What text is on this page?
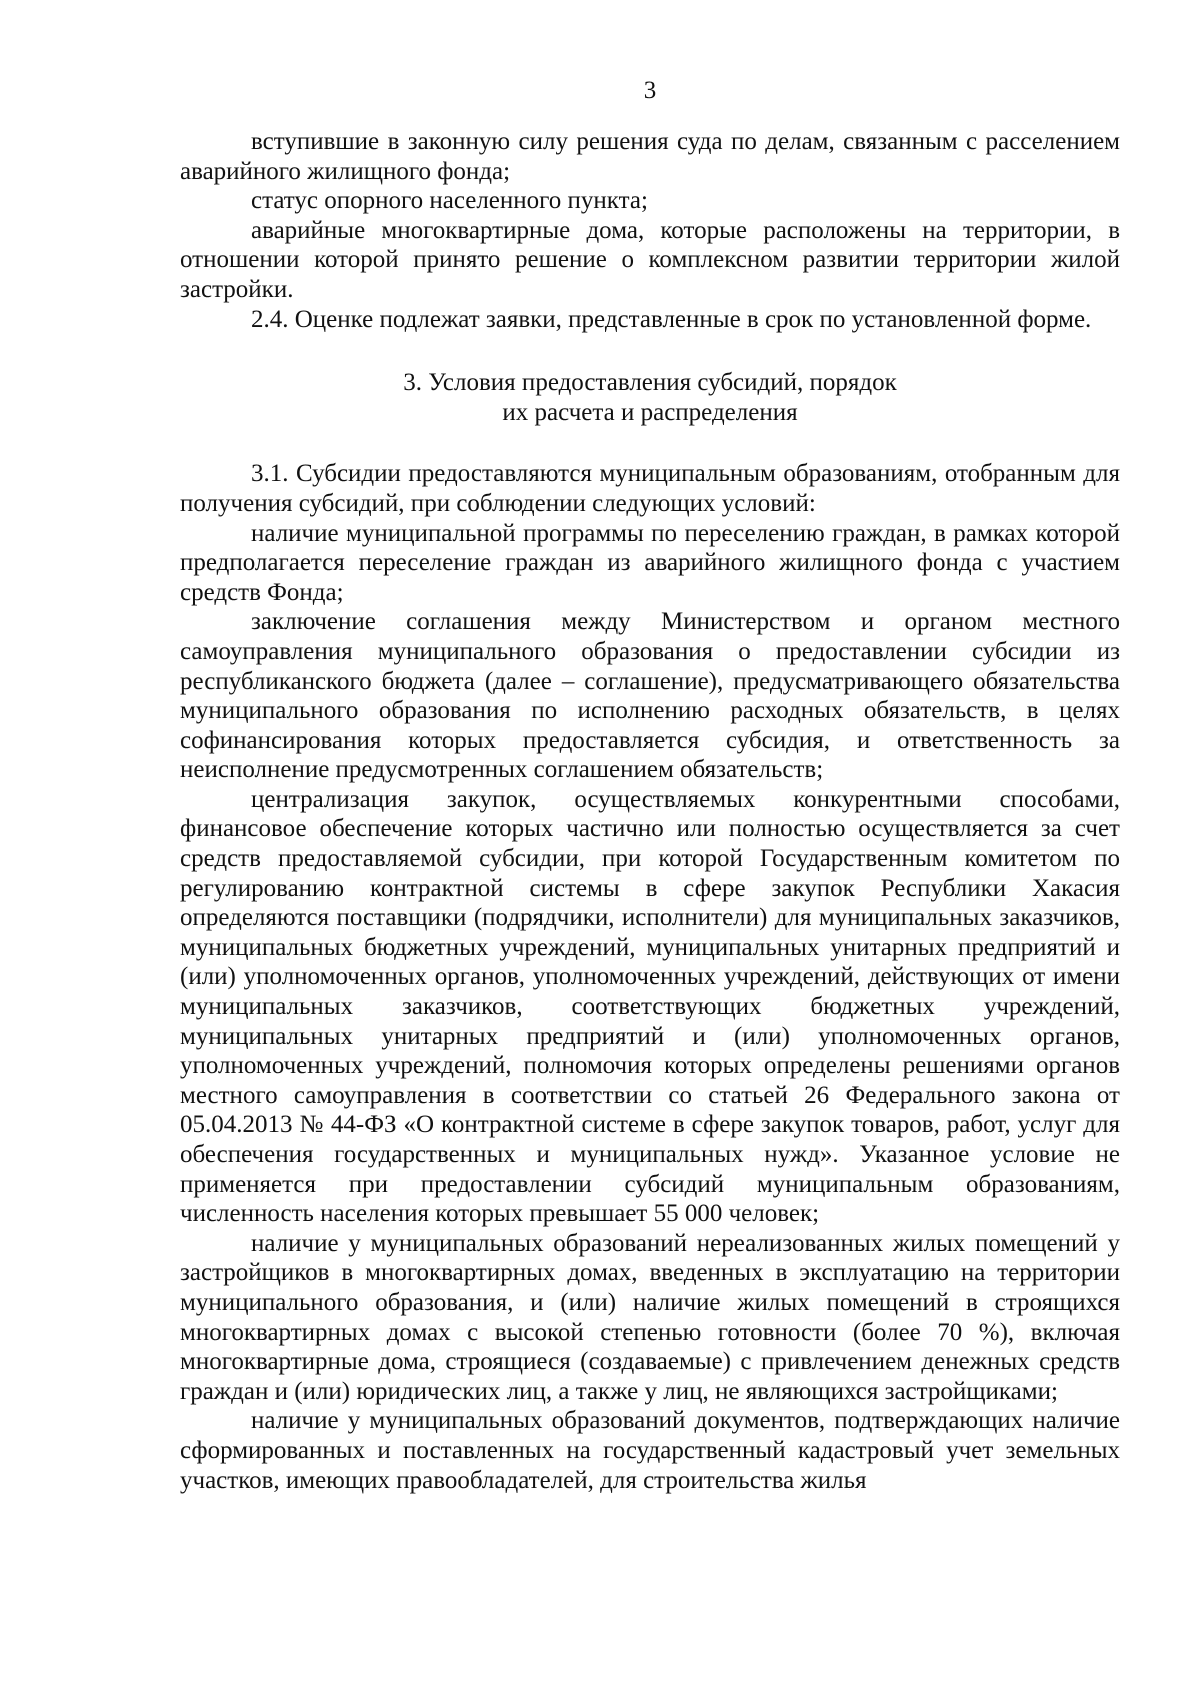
3

вступившие в законную силу решения суда по делам, связанным с расселением аварийного жилищного фонда;

статус опорного населенного пункта;

аварийные многоквартирные дома, которые расположены на территории, в отношении которой принято решение о комплексном развитии территории жилой застройки.

2.4. Оценке подлежат заявки, представленные в срок по установленной форме.

3. Условия предоставления субсидий, порядок
их расчета и распределения

3.1. Субсидии предоставляются муниципальным образованиям, отобранным для получения субсидий, при соблюдении следующих условий:

наличие муниципальной программы по переселению граждан, в рамках которой предполагается переселение граждан из аварийного жилищного фонда с участием средств Фонда;

заключение соглашения между Министерством и органом местного самоуправления муниципального образования о предоставлении субсидии из республиканского бюджета (далее – соглашение), предусматривающего обязательства муниципального образования по исполнению расходных обязательств, в целях софинансирования которых предоставляется субсидия, и ответственность за неисполнение предусмотренных соглашением обязательств;

централизация закупок, осуществляемых конкурентными способами, финансовое обеспечение которых частично или полностью осуществляется за счет средств предоставляемой субсидии, при которой Государственным комитетом по регулированию контрактной системы в сфере закупок Республики Хакасия определяются поставщики (подрядчики, исполнители) для муниципальных заказчиков, муниципальных бюджетных учреждений, муниципальных унитарных предприятий и (или) уполномоченных органов, уполномоченных учреждений, действующих от имени муниципальных заказчиков, соответствующих бюджетных учреждений, муниципальных унитарных предприятий и (или) уполномоченных органов, уполномоченных учреждений, полномочия которых определены решениями органов местного самоуправления в соответствии со статьей 26 Федерального закона от 05.04.2013 № 44-ФЗ «О контрактной системе в сфере закупок товаров, работ, услуг для обеспечения государственных и муниципальных нужд». Указанное условие не применяется при предоставлении субсидий муниципальным образованиям, численность населения которых превышает 55 000 человек;

наличие у муниципальных образований нереализованных жилых помещений у застройщиков в многоквартирных домах, введенных в эксплуатацию на территории муниципального образования, и (или) наличие жилых помещений в строящихся многоквартирных домах с высокой степенью готовности (более 70 %), включая многоквартирные дома, строящиеся (создаваемые) с привлечением денежных средств граждан и (или) юридических лиц, а также у лиц, не являющихся застройщиками;

наличие у муниципальных образований документов, подтверждающих наличие сформированных и поставленных на государственный кадастровый учет земельных участков, имеющих правообладателей, для строительства жилья
